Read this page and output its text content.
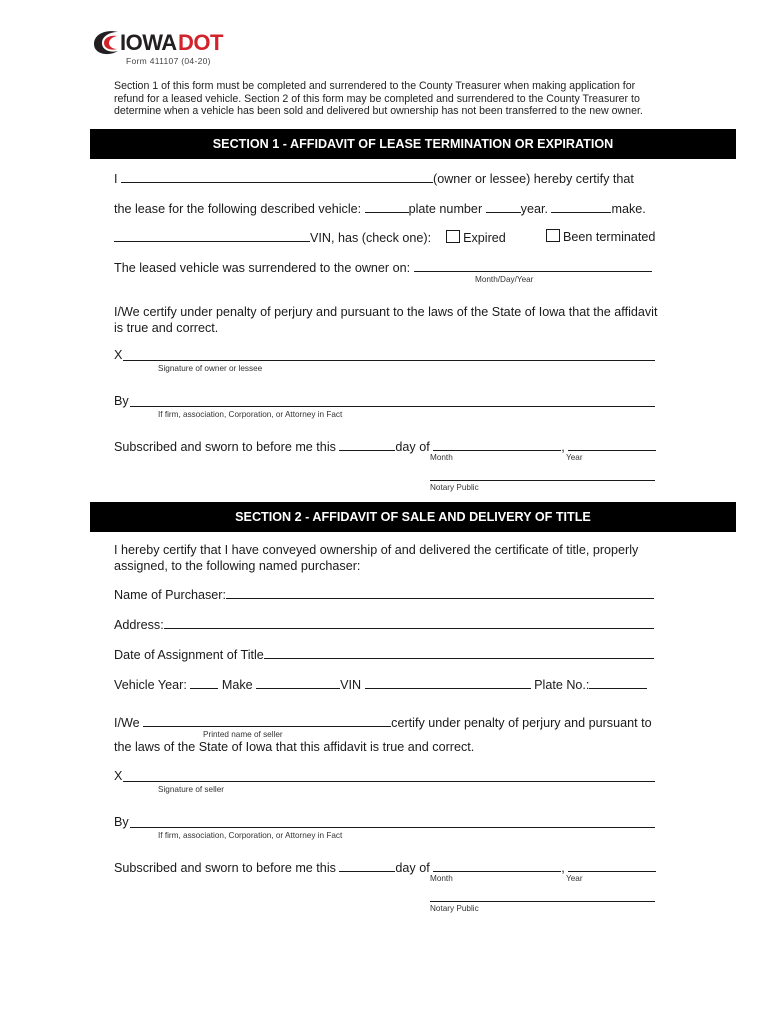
IOWA DOT
Form 411107 (04-20)
Section 1 of this form must be completed and surrendered to the County Treasurer when making application for refund for a leased vehicle. Section 2 of this form may be completed and surrendered to the County Treasurer to determine when a vehicle has been sold and delivered but ownership has not been transferred to the new owner.
SECTION 1 - AFFIDAVIT OF LEASE TERMINATION OR EXPIRATION
I	(owner or lessee) hereby certify that
the lease for the following described vehicle:	plate number	year.	make.
VIN, has (check one):	Expired	Been terminated
The leased vehicle was surrendered to the owner on:
Month/Day/Year
I/We certify under penalty of perjury and pursuant to the laws of the State of Iowa that the affidavit is true and correct.
X
Signature of owner or lessee
By
If firm, association, Corporation, or Attorney in Fact
Subscribed and sworn to before me this	day of	,
Month	Year
Notary Public
SECTION 2 - AFFIDAVIT OF SALE AND DELIVERY OF TITLE
I hereby certify that I have conveyed ownership of and delivered the certificate of title, properly assigned, to the following named purchaser:
Name of Purchaser:
Address:
Date of Assignment of Title
Vehicle Year:	Make	VIN	Plate No.:
I/We	certify under penalty of perjury and pursuant to
Printed name of seller
the laws of the State of Iowa that this affidavit is true and correct.
X
Signature of seller
By
If firm, association, Corporation, or Attorney in Fact
Subscribed and sworn to before me this	day of	,
Month	Year
Notary Public
